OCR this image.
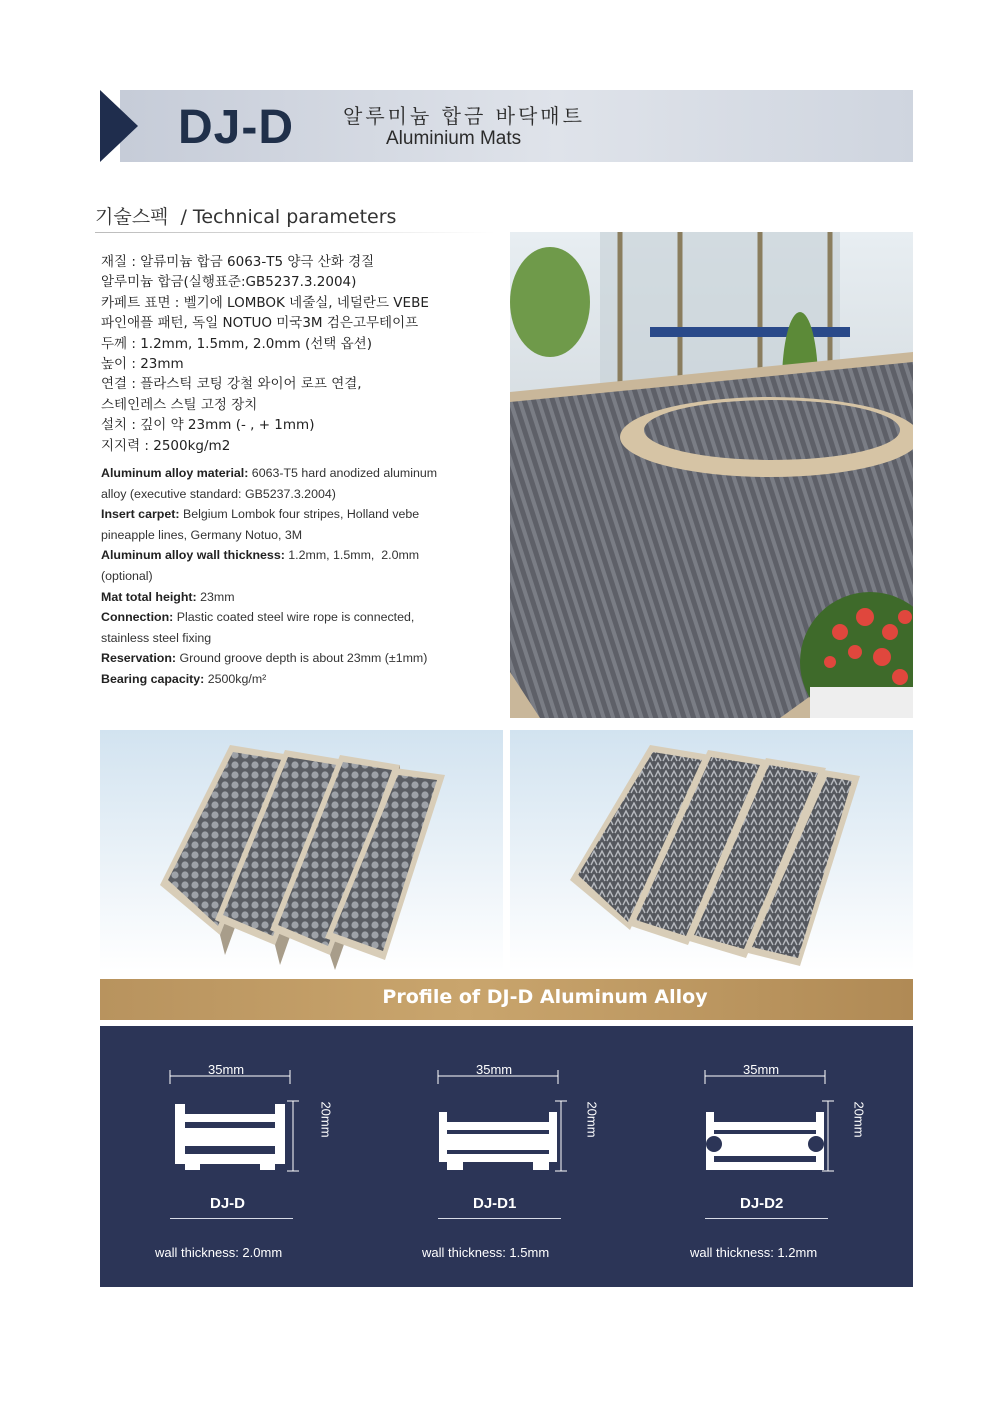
DJ-D 알루미늄 합금 바닥매트
Aluminium Mats
기술스펙  / Technical parameters
재질 : 알류미늄 합금 6063-T5 양극 산화 경질
알루미늄 합금(실행표준:GB5237.3.2004)
카페트 표면 : 벨기에 LOMBOK 네줄실, 네덜란드 VEBE
파인애플 패턴, 독일 NOTUO 미국3M 검은고무테이프
두께 : 1.2mm, 1.5mm, 2.0mm (선택 옵션)
높이 : 23mm
연결 : 플라스틱 코팅 강철 와이어 로프 연결,
스테인레스 스틸 고정 장치
설치 : 깊이 약 23mm (- , + 1mm)
지지력 : 2500kg/m2
Aluminum alloy material: 6063-T5 hard anodized aluminum
alloy (executive standard: GB5237.3.2004)
Insert carpet: Belgium Lombok four stripes, Holland vebe
pineapple lines, Germany Notuo, 3M
Aluminum alloy wall thickness: 1.2mm, 1.5mm,  2.0mm
(optional)
Mat total height: 23mm
Connection: Plastic coated steel wire rope is connected,
stainless steel fixing
Reservation: Ground groove depth is about 23mm (±1mm)
Bearing capacity: 2500kg/m²
Profile of DJ-D Aluminum Alloy
35mm
20mm
DJ-D
wall thickness: 2.0mm
35mm
20mm
DJ-D1
wall thickness: 1.5mm
35mm
20mm
DJ-D2
wall thickness: 1.2mm
